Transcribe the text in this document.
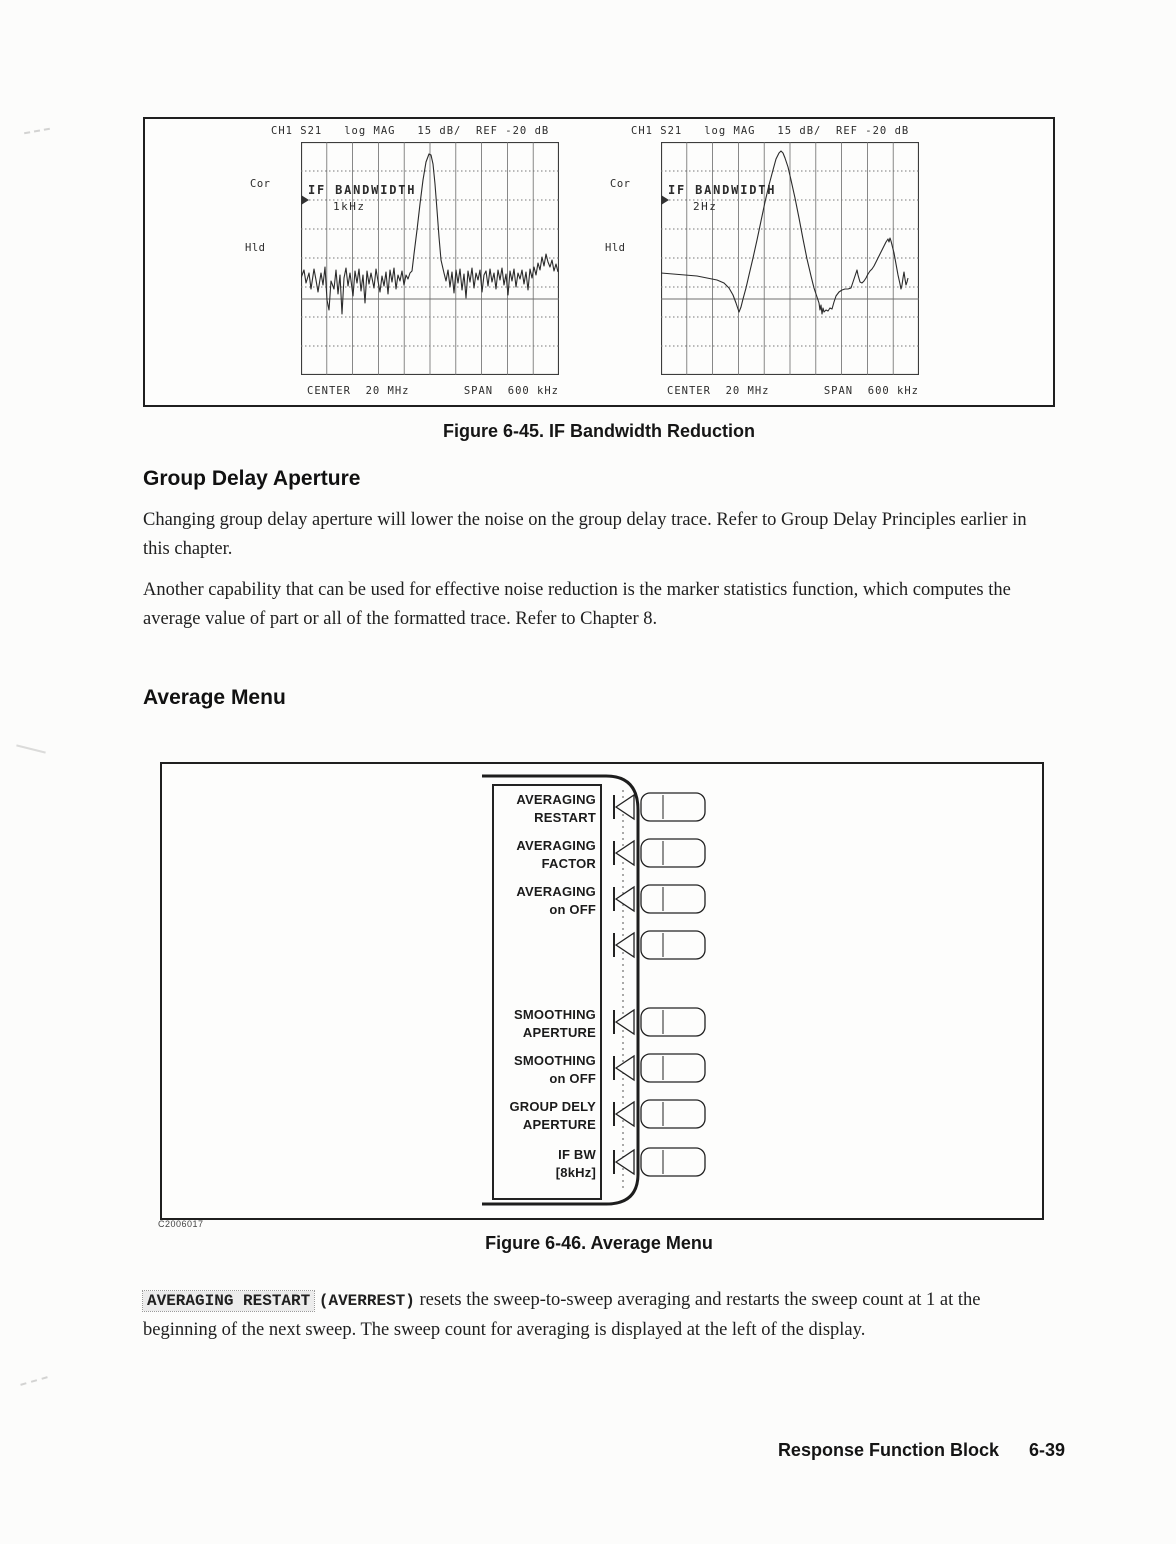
CH1 S21   log MAG   15 dB/  REF -20 dB
Cor
Hld
IF BANDWIDTH
1kHz
CENTER  20 MHz	SPAN  600 kHz
CH1 S21   log MAG   15 dB/  REF -20 dB
Cor
Hld
IF BANDWIDTH
2Hz
CENTER  20 MHz	SPAN  600 kHz
Figure 6-45. IF Bandwidth Reduction
Group Delay Aperture

Changing group delay aperture will lower the noise on the group delay trace. Refer to Group Delay Principles earlier in this chapter.

Another capability that can be used for effective noise reduction is the marker statistics function, which computes the average value of part or all of the formatted trace. Refer to Chapter 8.

Average Menu
AVERAGING
RESTART
AVERAGING
FACTOR
AVERAGING
on OFF
SMOOTHING
APERTURE
SMOOTHING
on OFF
GROUP DELY
APERTURE
IF BW
[8kHz]
C2006017
Figure 6-46. Average Menu

AVERAGING RESTART (AVERREST) resets the sweep-to-sweep averaging and restarts the sweep count at 1 at the beginning of the next sweep. The sweep count for averaging is displayed at the left of the display.

Response Function Block 6-39
